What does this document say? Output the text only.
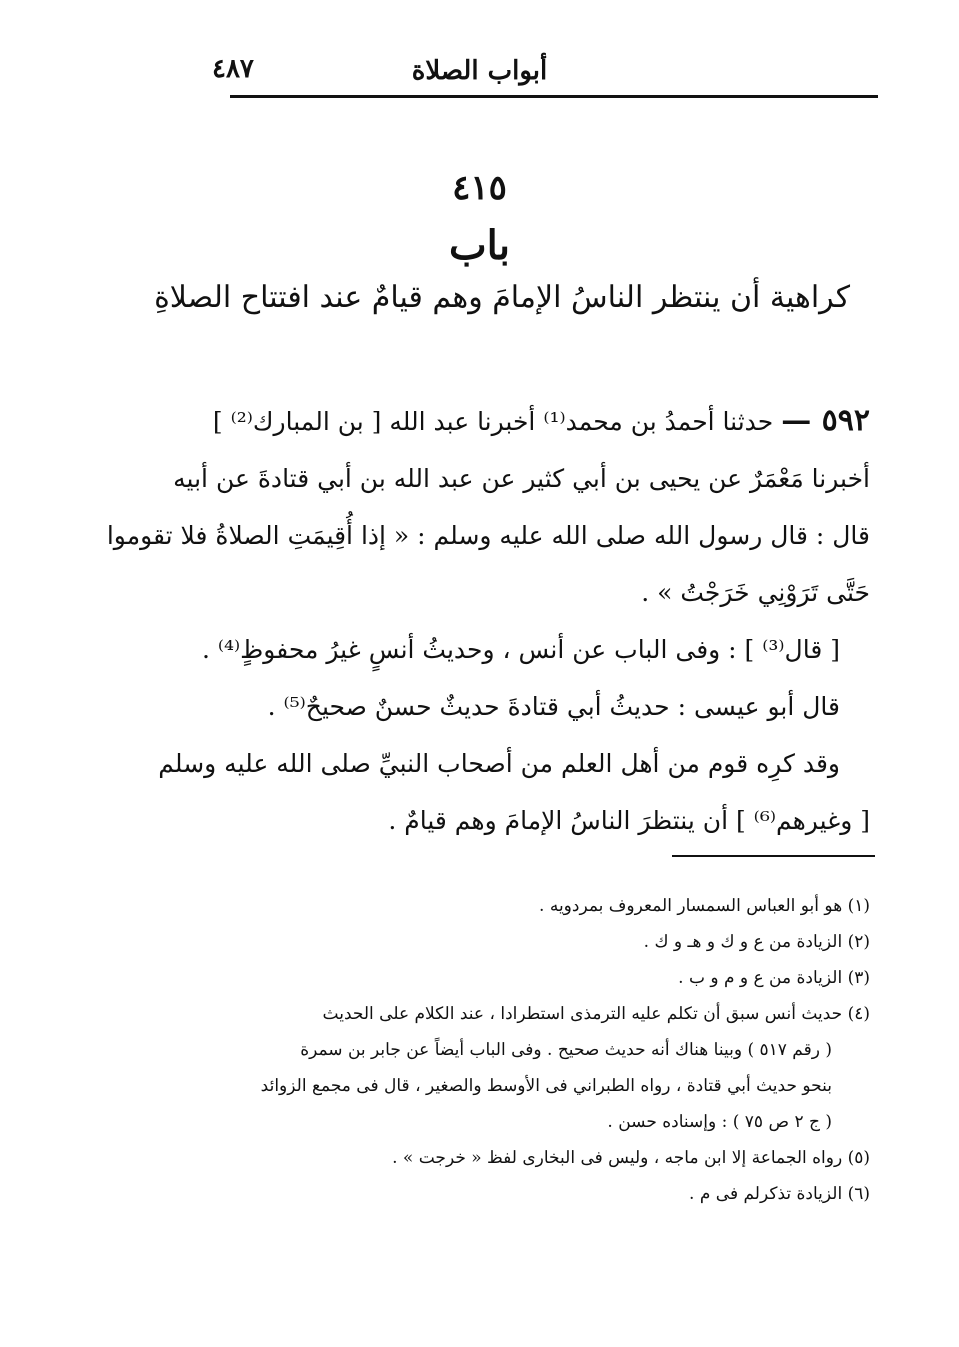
٤٨٧	أبواب الصلاة
٤١٥
باب
كراهية أن ينتظر الناسُ الإمامَ وهم قيامٌ عند افتتاح الصلاةِ

٥٩٢ — حدثنا أحمدُ بن محمد⁽¹⁾ أخبرنا عبد الله [ بن المبارك⁽²⁾ ]

أخبرنا مَعْمَرٌ عن يحيى بن أبي كثير عن عبد الله بن أبي قتادةَ عن أبيه

قال : قال رسول الله صلى الله عليه وسلم : « إذا أُقِيمَتِ الصلاةُ فلا تقوموا

حَتَّى تَرَوْنِي خَرَجْتُ » .

[ قال⁽³⁾ ] : وفى الباب عن أنس ، وحديثُ أنسٍ غيرُ محفوظٍ⁽⁴⁾ .

قال أبو عيسى : حديثُ أبي قتادةَ حديثٌ حسنٌ صحيحٌ⁽⁵⁾ .

وقد كرِه قوم من أهل العلم من أصحاب النبيِّ صلى الله عليه وسلم

[ وغيرهم⁽⁶⁾ ] أن ينتظرَ الناسُ الإمامَ وهم قيامٌ .

(١) هو أبو العباس السمسار المعروف بمردويه .

(٢) الزيادة من ع و ك و هـ و ك .

(٣) الزيادة من ع و م و ب .

(٤) حديث أنس سبق أن تكلم عليه الترمذى استطرادا ، عند الكلام على الحديث

( رقم ٥١٧ ) وبينا هناك أنه حديث صحيح . وفى الباب أيضاً عن جابر بن سمرة

بنحو حديث أبي قتادة ، رواه الطبراني فى الأوسط والصغير ، قال فى مجمع الزوائد

( ج ٢ ص ٧٥ ) : وإسناده حسن .

(٥) رواه الجماعة إلا ابن ماجه ، وليس فى البخارى لفظ « خرجت » .

(٦) الزيادة تذكرلم فى م .
